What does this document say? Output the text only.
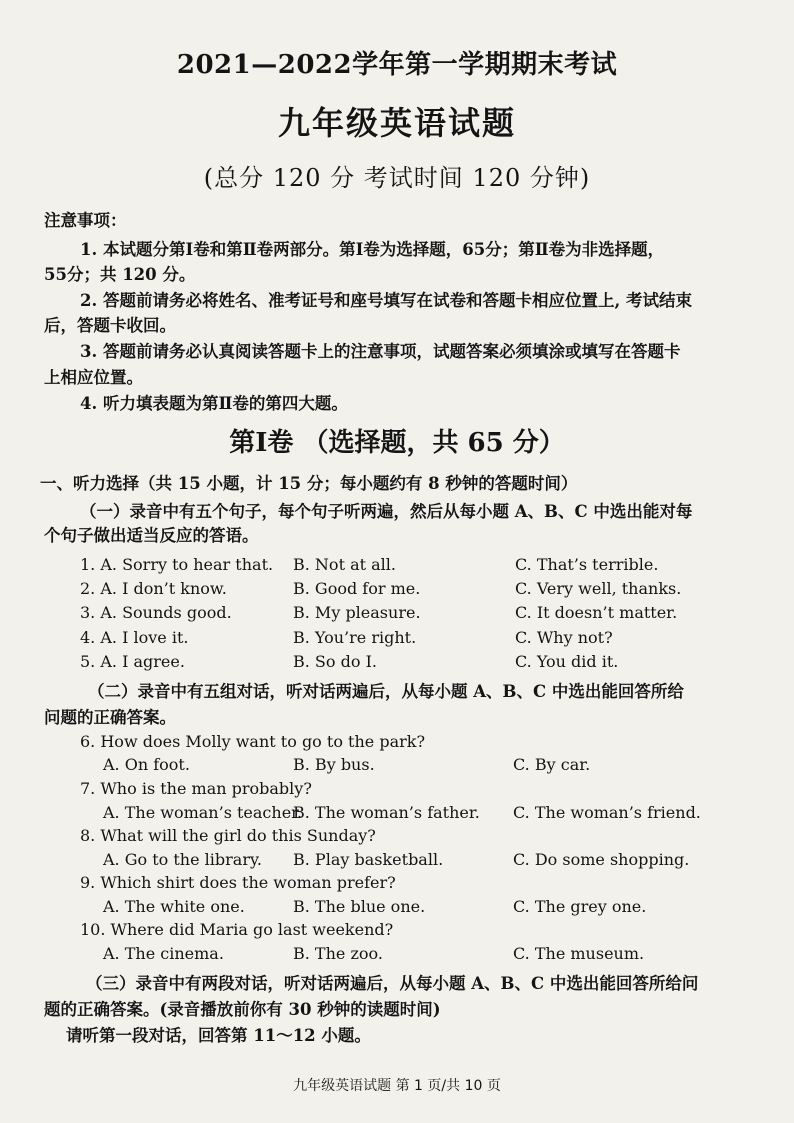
2021—2022学年第一学期期末考试
九年级英语试题
(总分 120 分 考试时间 120 分钟)
注意事项：
1. 本试题分第Ⅰ卷和第Ⅱ卷两部分。第Ⅰ卷为选择题，65分；第Ⅱ卷为非选择题，
55分；共 120 分。
2. 答题前请务必将姓名、准考证号和座号填写在试卷和答题卡相应位置上, 考试结束
后，答题卡收回。
3. 答题前请务必认真阅读答题卡上的注意事项，试题答案必须填涂或填写在答题卡
上相应位置。
4. 听力填表题为第Ⅱ卷的第四大题。
第Ⅰ卷 （选择题，共 65 分）
一、听力选择（共 15 小题，计 15 分；每小题约有 8 秒钟的答题时间）
（一）录音中有五个句子，每个句子听两遍，然后从每小题 A、B、C 中选出能对每
个句子做出适当反应的答语。
1. A. Sorry to hear that. B. Not at all.	C. That’s terrible.
2. A. I don’t know.	B. Good for me.	C. Very well, thanks.
3. A. Sounds good.	B. My pleasure.	C. It doesn’t matter.
4. A. I love it.	B. You’re right.	C. Why not?
5. A. I agree.	B. So do I.	C. You did it.
（二）录音中有五组对话，听对话两遍后，从每小题 A、B、C 中选出能回答所给
问题的正确答案。
6. How does Molly want to go to the park?
A. On foot.	B. By bus.	C. By car.
7. Who is the man probably?
A. The woman’s teacher.
B. The woman’s father. C. The woman’s friend.
8. What will the girl do this Sunday?
A. Go to the library. B. Play basketball.	C. Do some shopping.
9. Which shirt does the woman prefer?
A. The white one.	B. The blue one.	C. The grey one.
10. Where did Maria go last weekend?
A. The cinema.	B. The zoo.	C. The museum.
（三）录音中有两段对话，听对话两遍后，从每小题 A、B、C 中选出能回答所给问
题的正确答案。(录音播放前你有 30 秒钟的读题时间)
请听第一段对话，回答第 11～12 小题。
九年级英语试题 第 1 页/共 10 页
